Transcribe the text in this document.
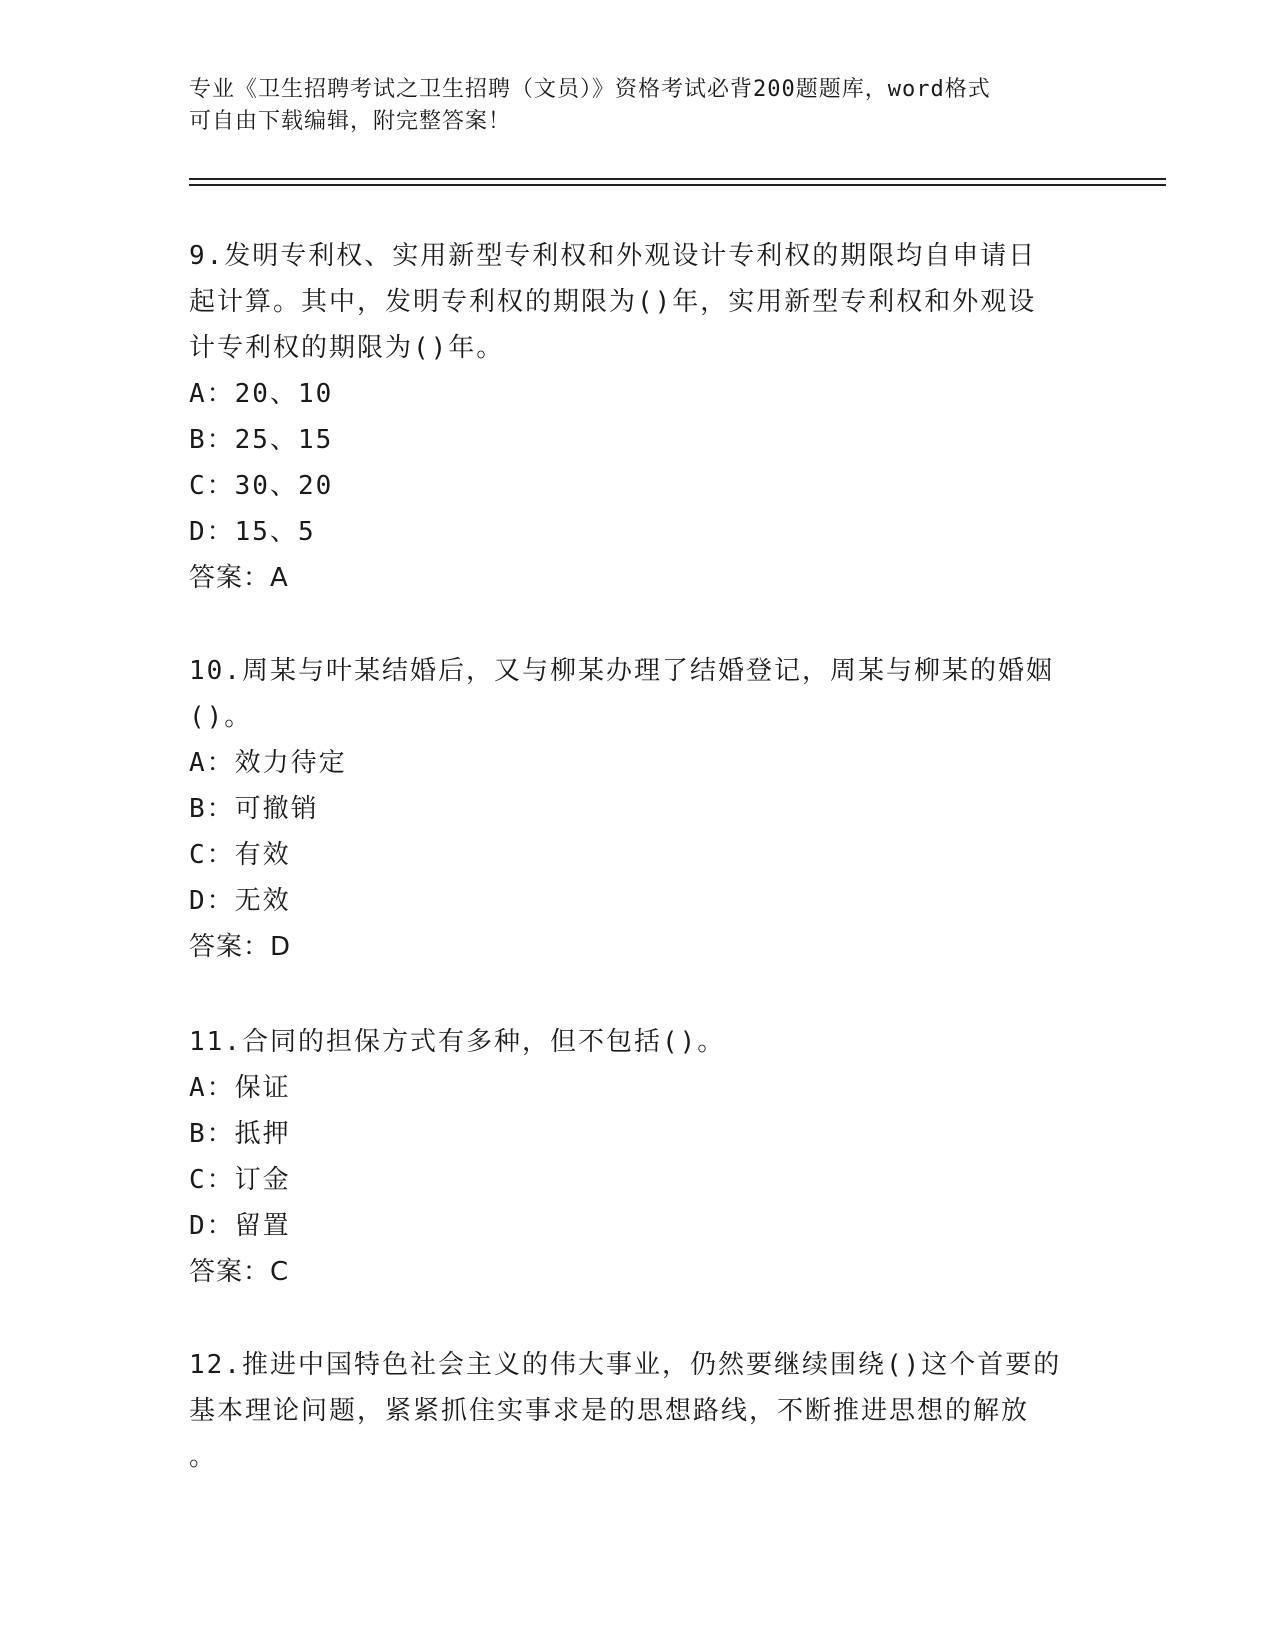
专业《卫生招聘考试之卫生招聘（文员）》资格考试必背200题题库，word格式
可自由下载编辑，附完整答案！
9.发明专利权、实用新型专利权和外观设计专利权的期限均自申请日
起计算。其中，发明专利权的期限为()年，实用新型专利权和外观设
计专利权的期限为()年。
A：20、10
B：25、15
C：30、20
D：15、5
答案：A
10.周某与叶某结婚后，又与柳某办理了结婚登记，周某与柳某的婚姻
()。
A：效力待定
B：可撤销
C：有效
D：无效
答案：D
11.合同的担保方式有多种，但不包括()。
A：保证
B：抵押
C：订金
D：留置
答案：C
12.推进中国特色社会主义的伟大事业，仍然要继续围绕()这个首要的
基本理论问题，紧紧抓住实事求是的思想路线，不断推进思想的解放
。
